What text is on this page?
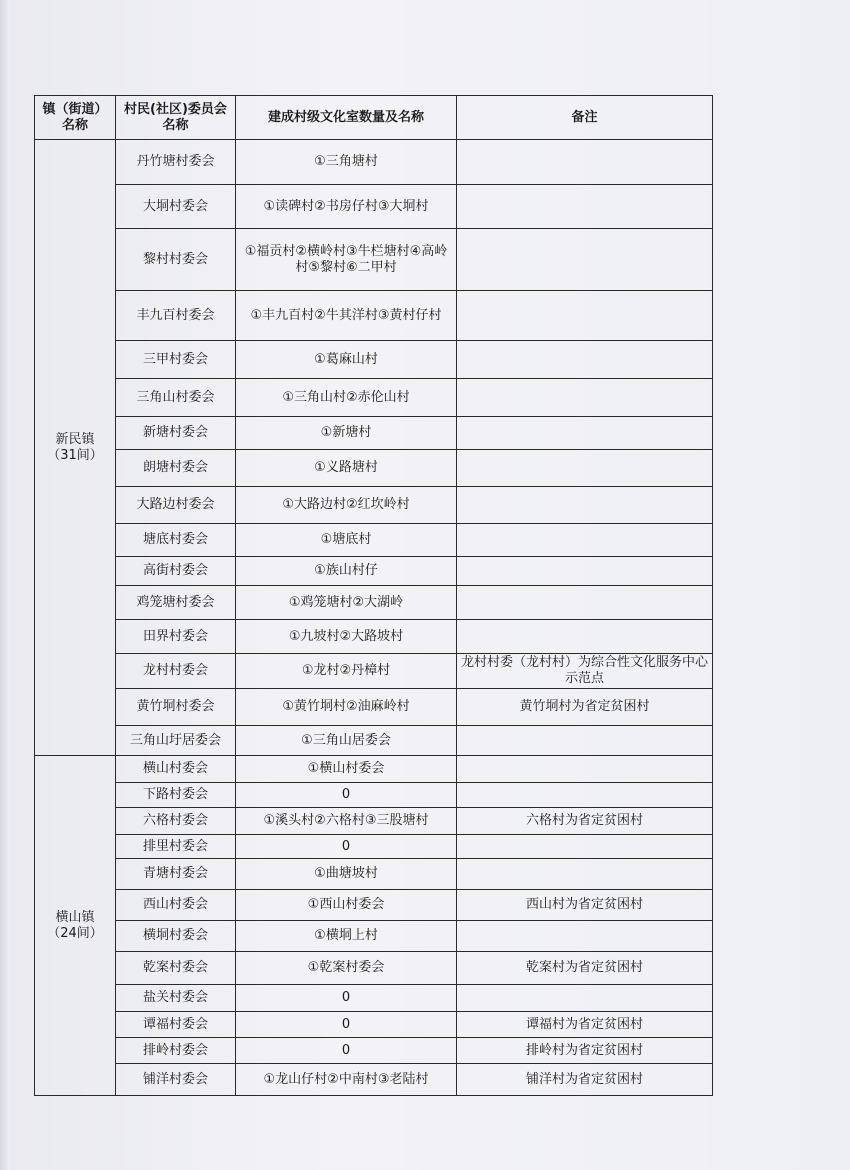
镇（街道）名称	村民(社区)委员会名称	建成村级文化室数量及名称	备注

新民镇
（31间）	丹竹塘村委会	①三角塘村	
	大垌村委会	①读碑村②书房仔村③大垌村	
	黎村村委会	①福贡村②横岭村③牛栏塘村④高岭村⑤黎村⑥二甲村	
	丰九百村委会	①丰九百村②牛其洋村③黄村仔村	
	三甲村委会	①葛麻山村	
	三角山村委会	①三角山村②赤伦山村	
	新塘村委会	①新塘村	
	朗塘村委会	①义路塘村	
	大路边村委会	①大路边村②红坎岭村	
	塘底村委会	①塘底村	
	高街村委会	①族山村仔	
	鸡笼塘村委会	①鸡笼塘村②大湖岭	
	田界村委会	①九坡村②大路坡村	
	龙村村委会	①龙村②丹樟村	龙村村委（龙村村）为综合性文化服务中心示范点
	黄竹垌村委会	①黄竹垌村②油麻岭村	黄竹垌村为省定贫困村
	三角山圩居委会	①三角山居委会	

横山镇
（24间）	横山村委会	①横山村委会	
	下路村委会	0	
	六格村委会	①溪头村②六格村③三股塘村	六格村为省定贫困村
	排里村委会	0	
	青塘村委会	①曲塘坡村	
	西山村委会	①西山村委会	西山村为省定贫困村
	横垌村委会	①横垌上村	
	乾案村委会	①乾案村委会	乾案村为省定贫困村
	盐关村委会	0	
	谭福村委会	0	谭福村为省定贫困村
	排岭村委会	0	排岭村为省定贫困村
	铺洋村委会	①龙山仔村②中南村③老陆村	铺洋村为省定贫困村
